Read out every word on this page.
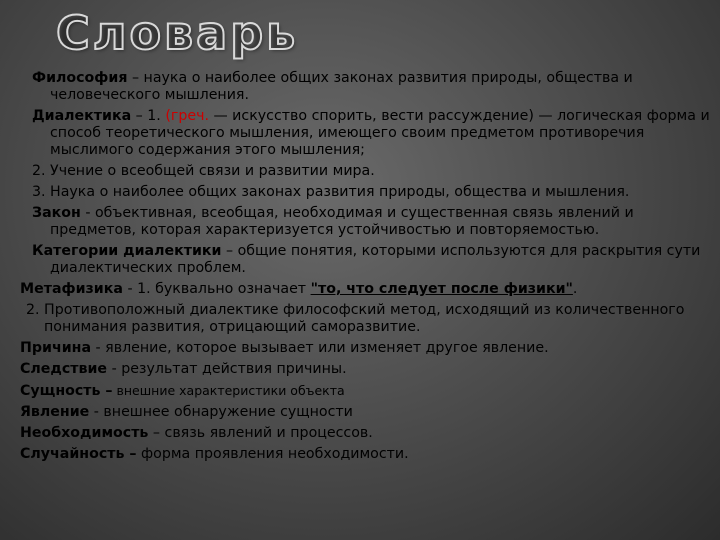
Словарь

Философия – наука о наиболее общих законах развития природы, общества и человеческого мышления.

Диалектика – 1. (греч. — искусство спорить, вести рассуждение) — логическая форма и способ теоретического мышления, имеющего своим предметом противоречия мыслимого содержания этого мышления;

2. Учение о всеобщей связи и развитии мира.

3. Наука о наиболее общих законах развития природы, общества и мышления.

Закон - объективная, всеобщая, необходимая и существенная связь явлений и предметов, которая характеризуется устойчивостью и повторяемостью.

Категории диалектики – общие понятия, которыми используются для раскрытия сути диалектических проблем.

Метафизика - 1. буквально означает "то, что следует после физики".

2. Противоположный диалектике философский метод, исходящий из количественного понимания развития, отрицающий саморазвитие.

Причина - явление, которое вызывает или изменяет другое явление.

Следствие - результат действия причины.

Сущность – внешние характеристики объекта

Явление - внешнее обнаружение сущности

Необходимость – связь явлений и процессов.

Случайность – форма проявления необходимости.
